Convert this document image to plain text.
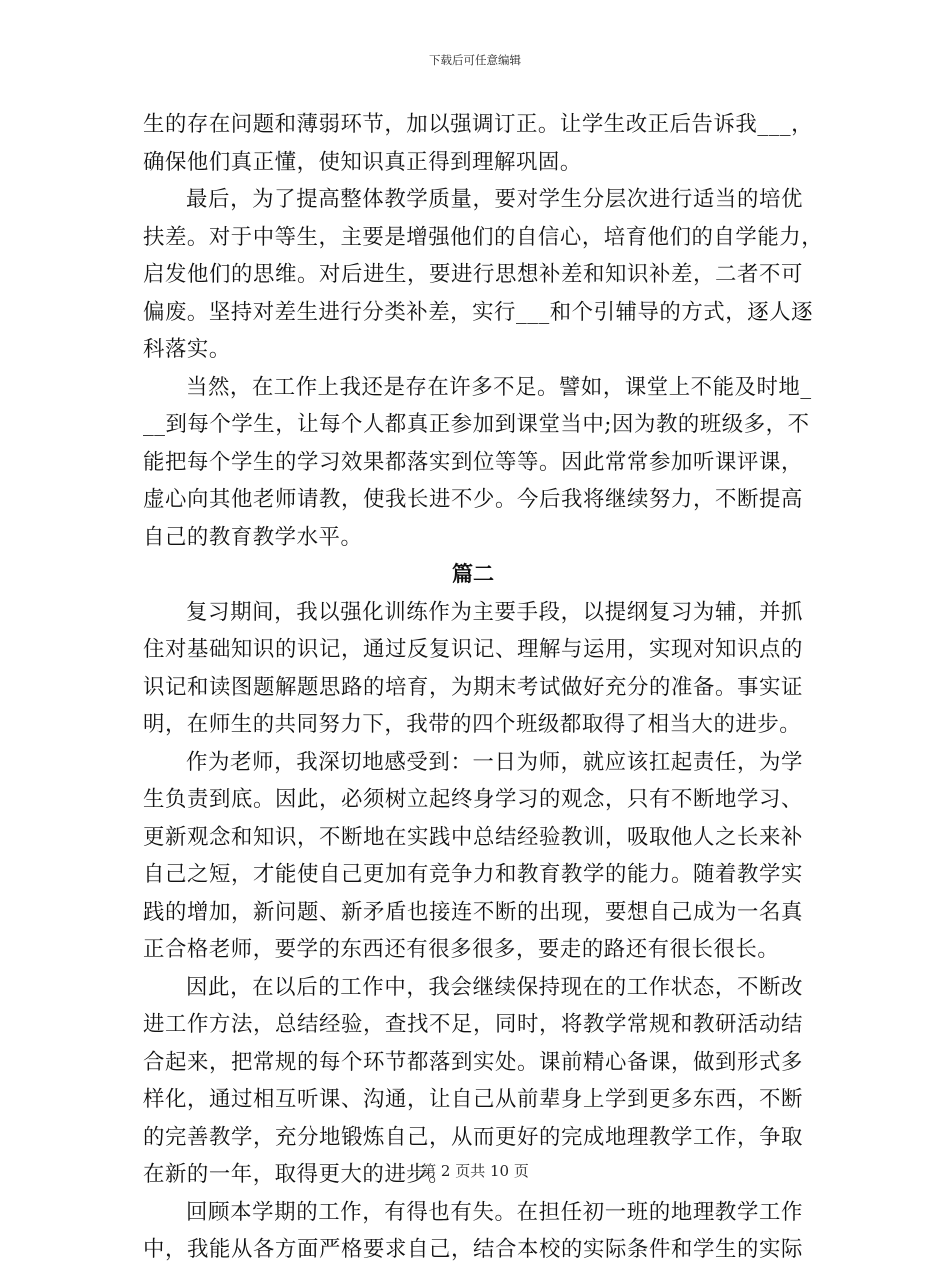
下载后可任意编辑
生的存在问题和薄弱环节，加以强调订正。让学生改正后告诉我___，
确保他们真正懂，使知识真正得到理解巩固。
最后，为了提高整体教学质量，要对学生分层次进行适当的培优
扶差。对于中等生，主要是增强他们的自信心，培育他们的自学能力，
启发他们的思维。对后进生，要进行思想补差和知识补差，二者不可
偏废。坚持对差生进行分类补差，实行___和个引辅导的方式，逐人逐
科落实。
当然，在工作上我还是存在许多不足。譬如，课堂上不能及时地_
__到每个学生，让每个人都真正参加到课堂当中;因为教的班级多，不
能把每个学生的学习效果都落实到位等等。因此常常参加听课评课，
虚心向其他老师请教，使我长进不少。今后我将继续努力，不断提高
自己的教育教学水平。
篇二
复习期间，我以强化训练作为主要手段，以提纲复习为辅，并抓
住对基础知识的识记，通过反复识记、理解与运用，实现对知识点的
识记和读图题解题思路的培育，为期末考试做好充分的准备。事实证
明，在师生的共同努力下，我带的四个班级都取得了相当大的进步。
作为老师，我深切地感受到：一日为师，就应该扛起责任，为学
生负责到底。因此，必须树立起终身学习的观念，只有不断地学习、
更新观念和知识，不断地在实践中总结经验教训，吸取他人之长来补
自己之短，才能使自己更加有竞争力和教育教学的能力。随着教学实
践的增加，新问题、新矛盾也接连不断的出现，要想自己成为一名真
正合格老师，要学的东西还有很多很多，要走的路还有很长很长。
因此，在以后的工作中，我会继续保持现在的工作状态，不断改
进工作方法，总结经验，查找不足，同时，将教学常规和教研活动结
合起来，把常规的每个环节都落到实处。课前精心备课，做到形式多
样化，通过相互听课、沟通，让自己从前辈身上学到更多东西，不断
的完善教学，充分地锻炼自己，从而更好的完成地理教学工作，争取
在新的一年，取得更大的进步。
回顾本学期的工作，有得也有失。在担任初一班的地理教学工作
中，我能从各方面严格要求自己，结合本校的实际条件和学生的实际
第 2 页共 10 页
